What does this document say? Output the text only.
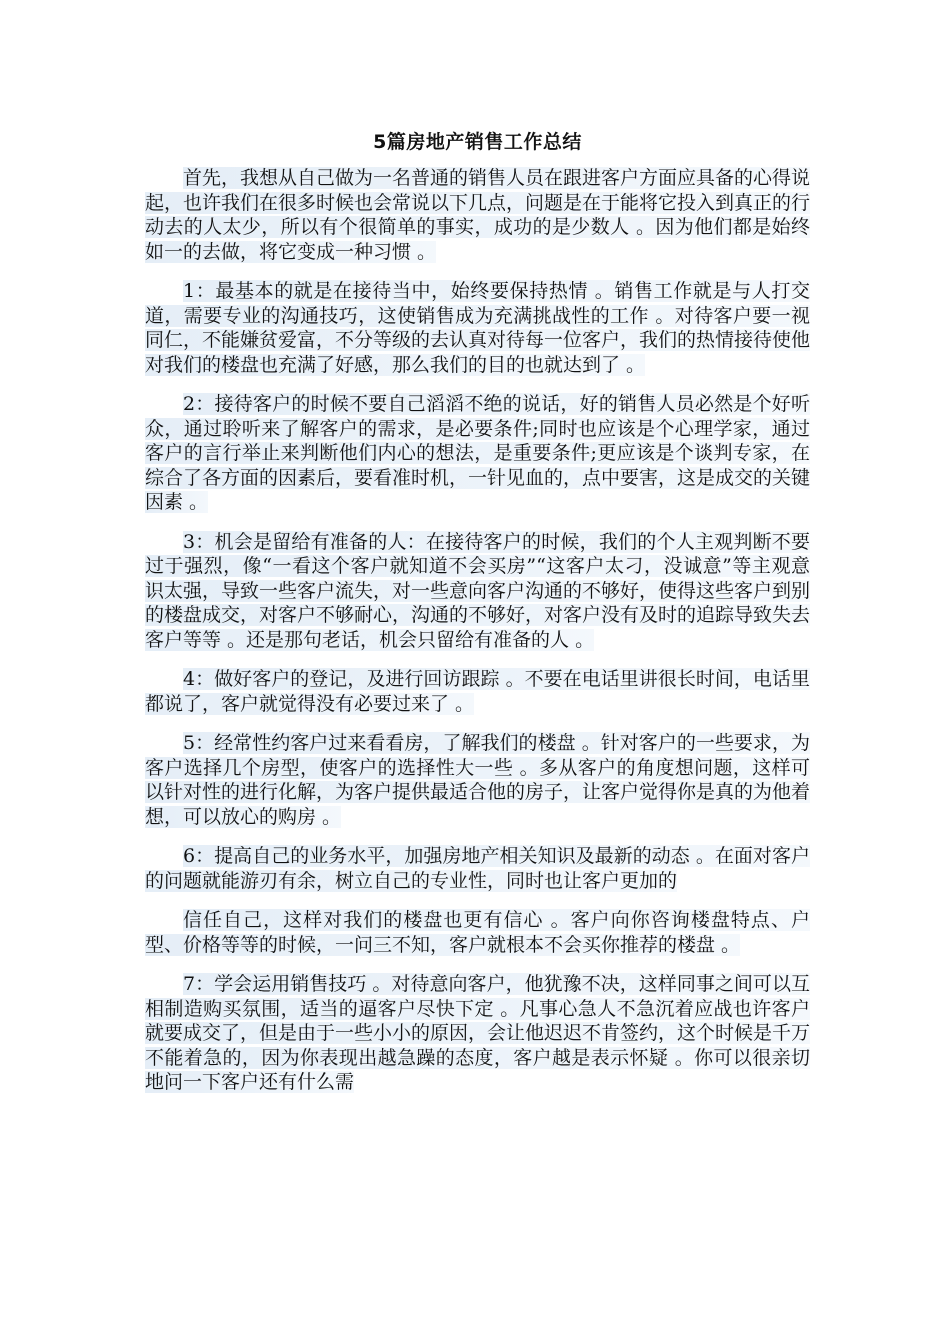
5篇房地产销售工作总结

首先，我想从自己做为一名普通的销售人员在跟进客户方面应具备的心得说起，也许我们在很多时候也会常说以下几点，问题是在于能将它投入到真正的行动去的人太少，所以有个很简单的事实，成功的是少数人 。因为他们都是始终如一的去做，将它变成一种习惯 。

1：最基本的就是在接待当中，始终要保持热情 。销售工作就是与人打交道，需要专业的沟通技巧，这使销售成为充满挑战性的工作 。对待客户要一视同仁，不能嫌贫爱富，不分等级的去认真对待每一位客户，我们的热情接待使他对我们的楼盘也充满了好感，那么我们的目的也就达到了 。

2：接待客户的时候不要自己滔滔不绝的说话，好的销售人员必然是个好听众，通过聆听来了解客户的需求，是必要条件;同时也应该是个心理学家，通过客户的言行举止来判断他们内心的想法，是重要条件;更应该是个谈判专家，在综合了各方面的因素后，要看准时机，一针见血的，点中要害，这是成交的关键因素 。

3：机会是留给有准备的人：在接待客户的时候，我们的个人主观判断不要过于强烈，像“一看这个客户就知道不会买房”“这客户太刁，没诚意”等主观意识太强，导致一些客户流失，对一些意向客户沟通的不够好，使得这些客户到别的楼盘成交，对客户不够耐心，沟通的不够好，对客户没有及时的追踪导致失去客户等等 。还是那句老话，机会只留给有准备的人 。

4：做好客户的登记，及进行回访跟踪 。不要在电话里讲很长时间，电话里都说了，客户就觉得没有必要过来了 。

5：经常性约客户过来看看房，了解我们的楼盘 。针对客户的一些要求，为客户选择几个房型，使客户的选择性大一些 。多从客户的角度想问题，这样可以针对性的进行化解，为客户提供最适合他的房子，让客户觉得你是真的为他着想，可以放心的购房 。

6：提高自己的业务水平，加强房地产相关知识及最新的动态 。在面对客户的问题就能游刃有余，树立自己的专业性，同时也让客户更加的

信任自己，这样对我们的楼盘也更有信心 。客户向你咨询楼盘特点、户型、价格等等的时候，一问三不知，客户就根本不会买你推荐的楼盘 。

7：学会运用销售技巧 。对待意向客户，他犹豫不决，这样同事之间可以互相制造购买氛围，适当的逼客户尽快下定 。凡事心急人不急沉着应战也许客户就要成交了，但是由于一些小小的原因，会让他迟迟不肯签约，这个时候是千万不能着急的，因为你表现出越急躁的态度，客户越是表示怀疑 。你可以很亲切地问一下客户还有什么需
